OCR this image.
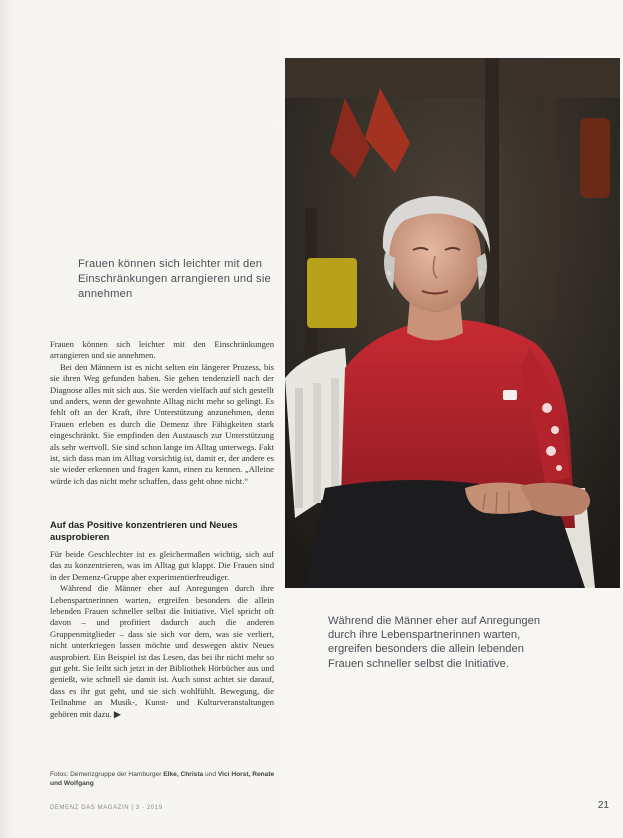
Frauen können sich leichter mit den Einschränkungen arrangieren und sie annehmen

Frauen können sich leichter mit den Einschränkungen arrangieren und sie annehmen.

Bei den Männern ist es nicht selten ein längerer Prozess, bis sie ihren Weg gefunden haben. Sie gehen tendenziell nach der Diagnose alles mit sich aus. Sie werden vielfach auf sich gestellt und anders, wenn der gewohnte Alltag nicht mehr so gelingt. Es fehlt oft an der Kraft, ihre Unterstützung anzunehmen, denn Frauen erleben es durch die Demenz ihre Fähigkeiten stark eingeschränkt. Sie empfinden den Austausch zur Unterstützung als sehr wertvoll. Sie sind schon lange im Alltag unterwegs. Fakt ist, sich dass man im Alltag vorsichtig ist, damit er, der andere es sie wieder erkennen und fragen kann, einen zu kennen. „Alleine würde ich das nicht mehr schaffen, dass geht ohne nicht.“

Auf das Positive konzentrieren und Neues ausprobieren

Für beide Geschlechter ist es gleichermaßen wichtig, sich auf das zu konzentrieren, was im Alltag gut klappt. Die Frauen sind in der Demenz-Gruppe aber experimentierfreudiger.

Während die Männer eher auf Anregungen durch ihre Lebenspartnerinnen warten, ergreifen besonders die allein lebenden Frauen schneller selbst die Initiative. Viel spricht oft davon – und profitiert dadurch auch die anderen Gruppenmitglieder – dass sie sich vor dem, was sie verliert, nicht unterkriegen lassen möchte und deswegen aktiv Neues ausprobiert. Ein Beispiel ist das Lesen, das bei ihr nicht mehr so gut geht. Sie leiht sich jetzt in der Bibliothek Hörbücher aus und genießt, wie schnell sie damit ist. Auch sonst achtet sie darauf, dass es ihr gut geht, und sie sich wohlfühlt. Bewegung, die Teilnahme an Musik-, Kunst- und Kulturveranstaltungen gehören mit dazu. ▶

Fotos: Demenzgruppe der Hamburger Elke, Christa und Vici Horst, Renate und Wolfgang
DEMENZ DAS MAGAZIN | 3 · 2019	21
Während die Männer eher auf Anregungen durch ihre Lebenspartnerinnen warten, ergreifen besonders die allein lebenden Frauen schneller selbst die Initiative.
